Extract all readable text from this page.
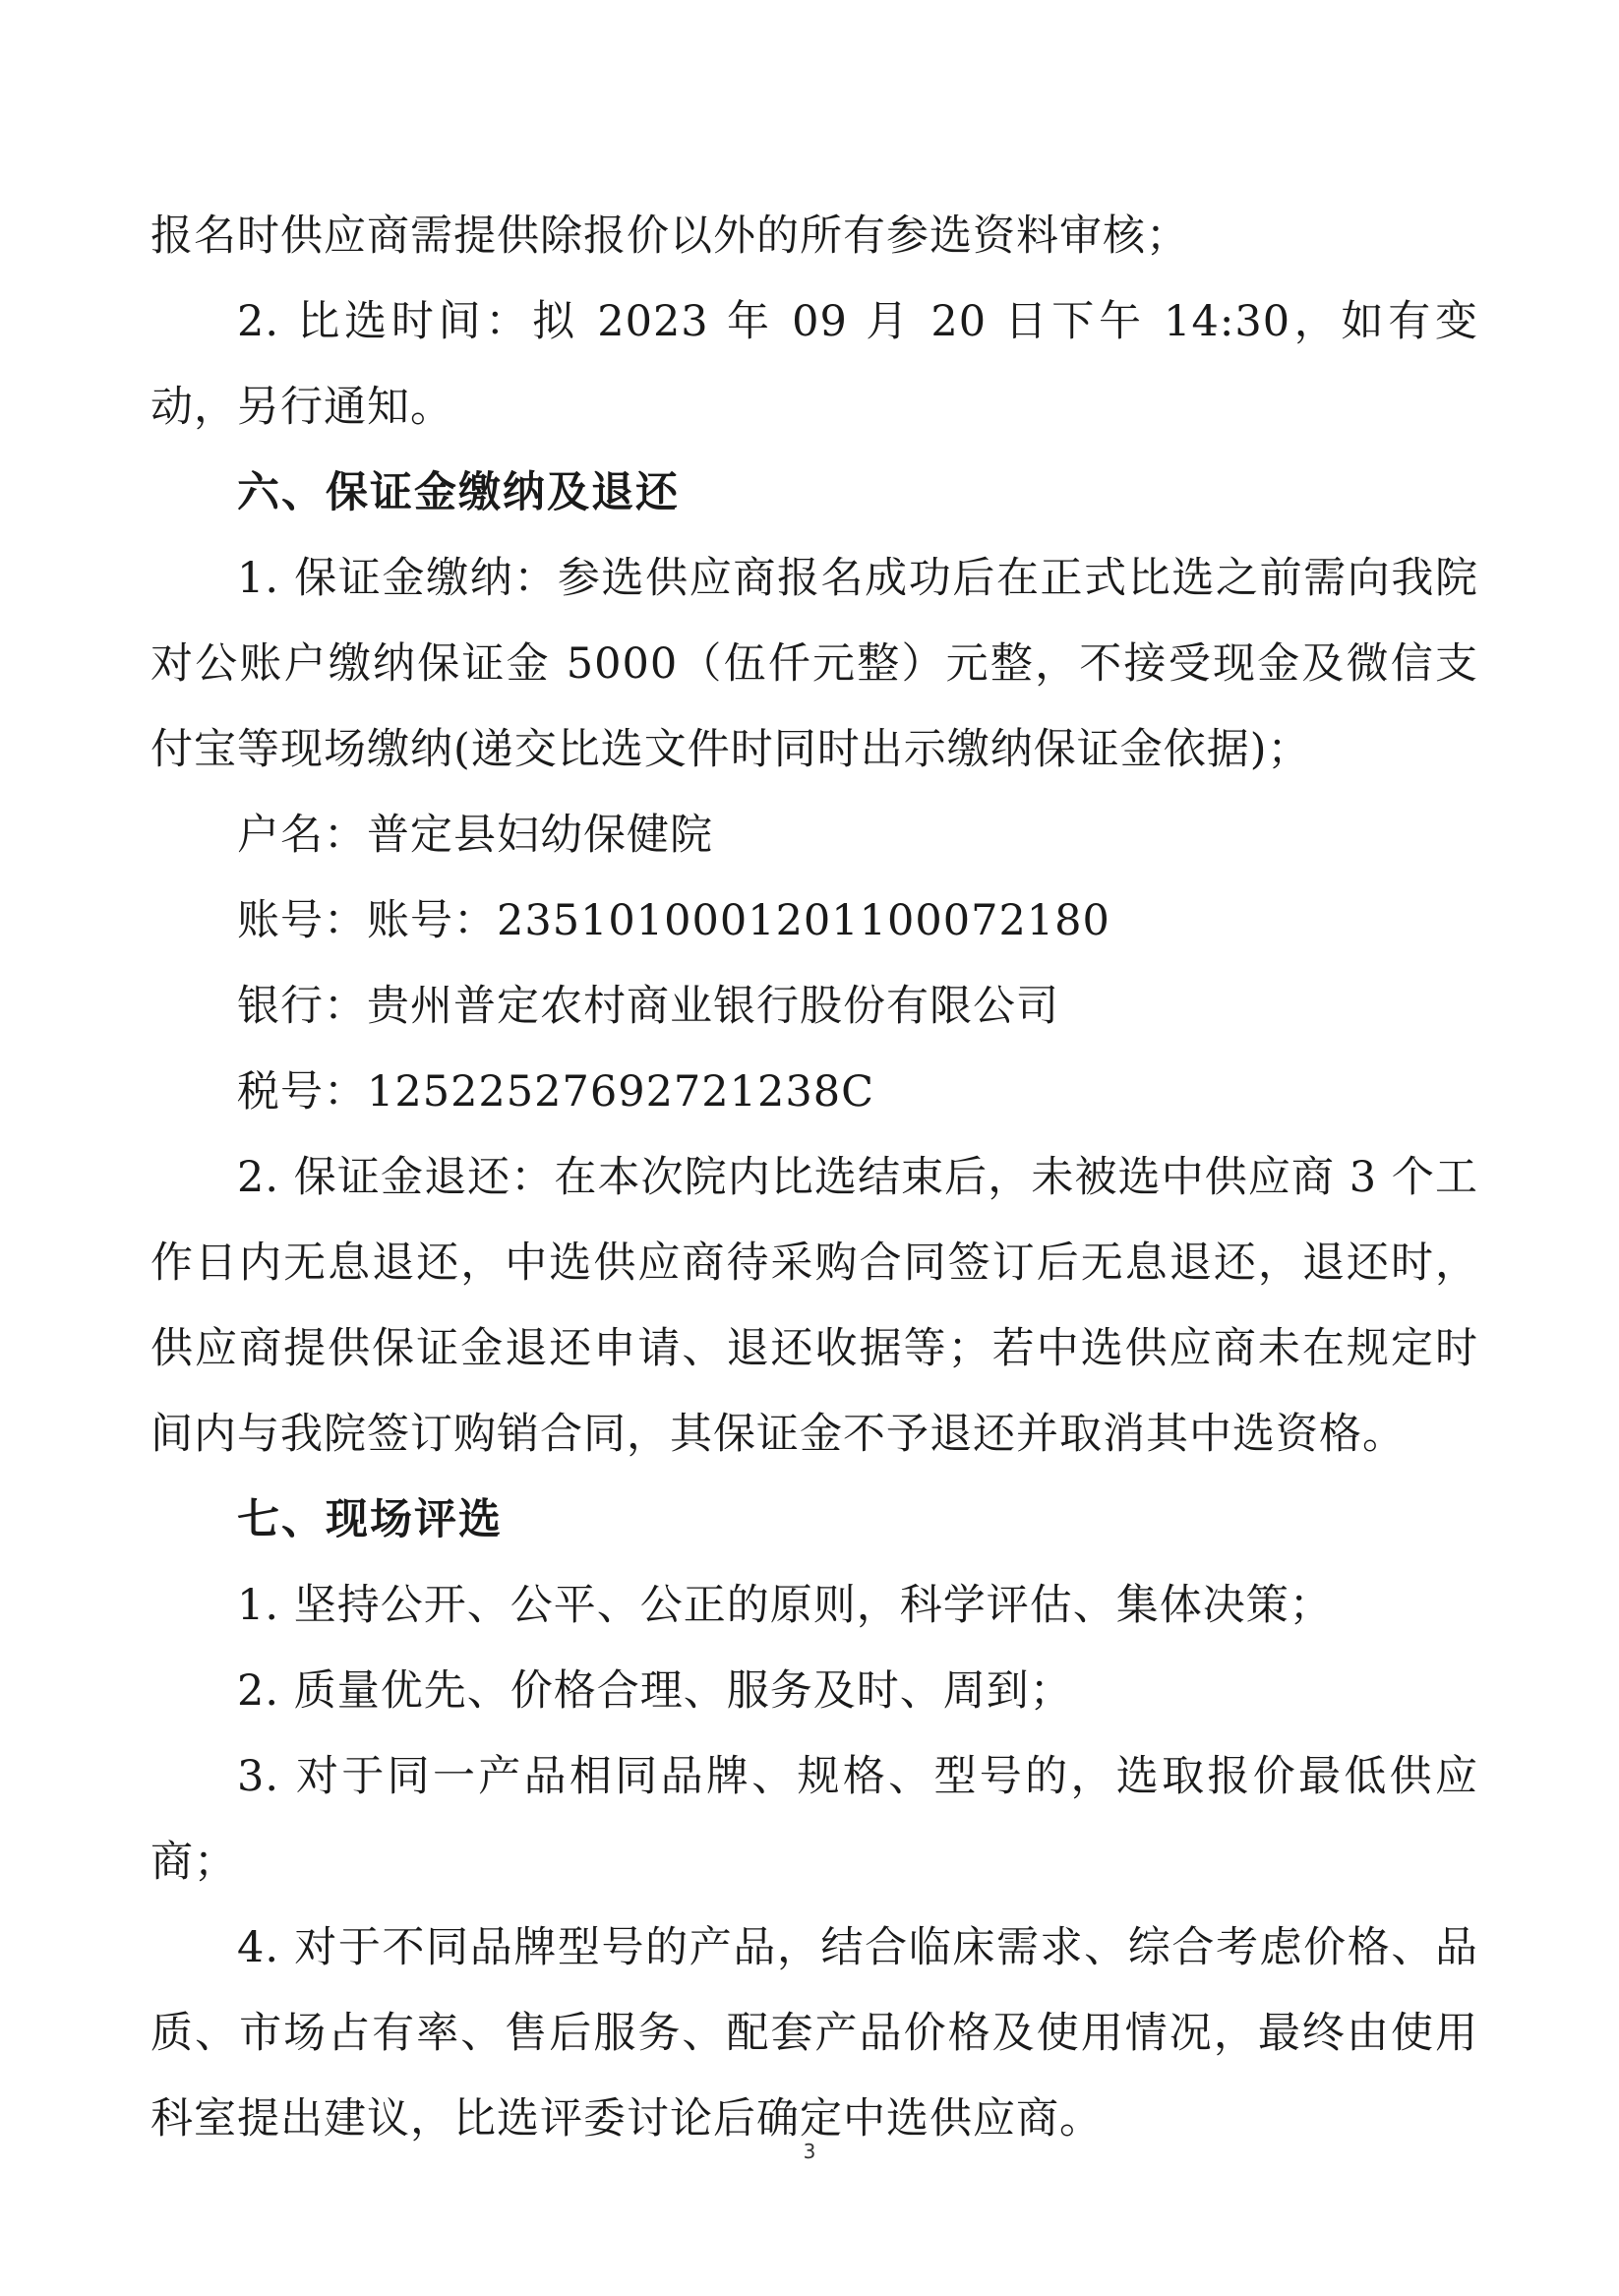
报名时供应商需提供除报价以外的所有参选资料审核；

2. 比选时间：拟 2023 年 09 月 20 日下午 14:30，如有变动，另行通知。

六、保证金缴纳及退还

1. 保证金缴纳：参选供应商报名成功后在正式比选之前需向我院对公账户缴纳保证金 5000（伍仟元整）元整，不接受现金及微信支付宝等现场缴纳(递交比选文件时同时出示缴纳保证金依据)；

户名：普定县妇幼保健院

账号：账号：2351010001201100072180

银行：贵州普定农村商业银行股份有限公司

税号：12522527692721238C

2. 保证金退还：在本次院内比选结束后，未被选中供应商 3 个工作日内无息退还，中选供应商待采购合同签订后无息退还，退还时，供应商提供保证金退还申请、退还收据等；若中选供应商未在规定时间内与我院签订购销合同，其保证金不予退还并取消其中选资格。

七、现场评选

1. 坚持公开、公平、公正的原则，科学评估、集体决策；

2. 质量优先、价格合理、服务及时、周到；

3. 对于同一产品相同品牌、规格、型号的，选取报价最低供应商；

4. 对于不同品牌型号的产品，结合临床需求、综合考虑价格、品质、市场占有率、售后服务、配套产品价格及使用情况，最终由使用科室提出建议，比选评委讨论后确定中选供应商。

3
